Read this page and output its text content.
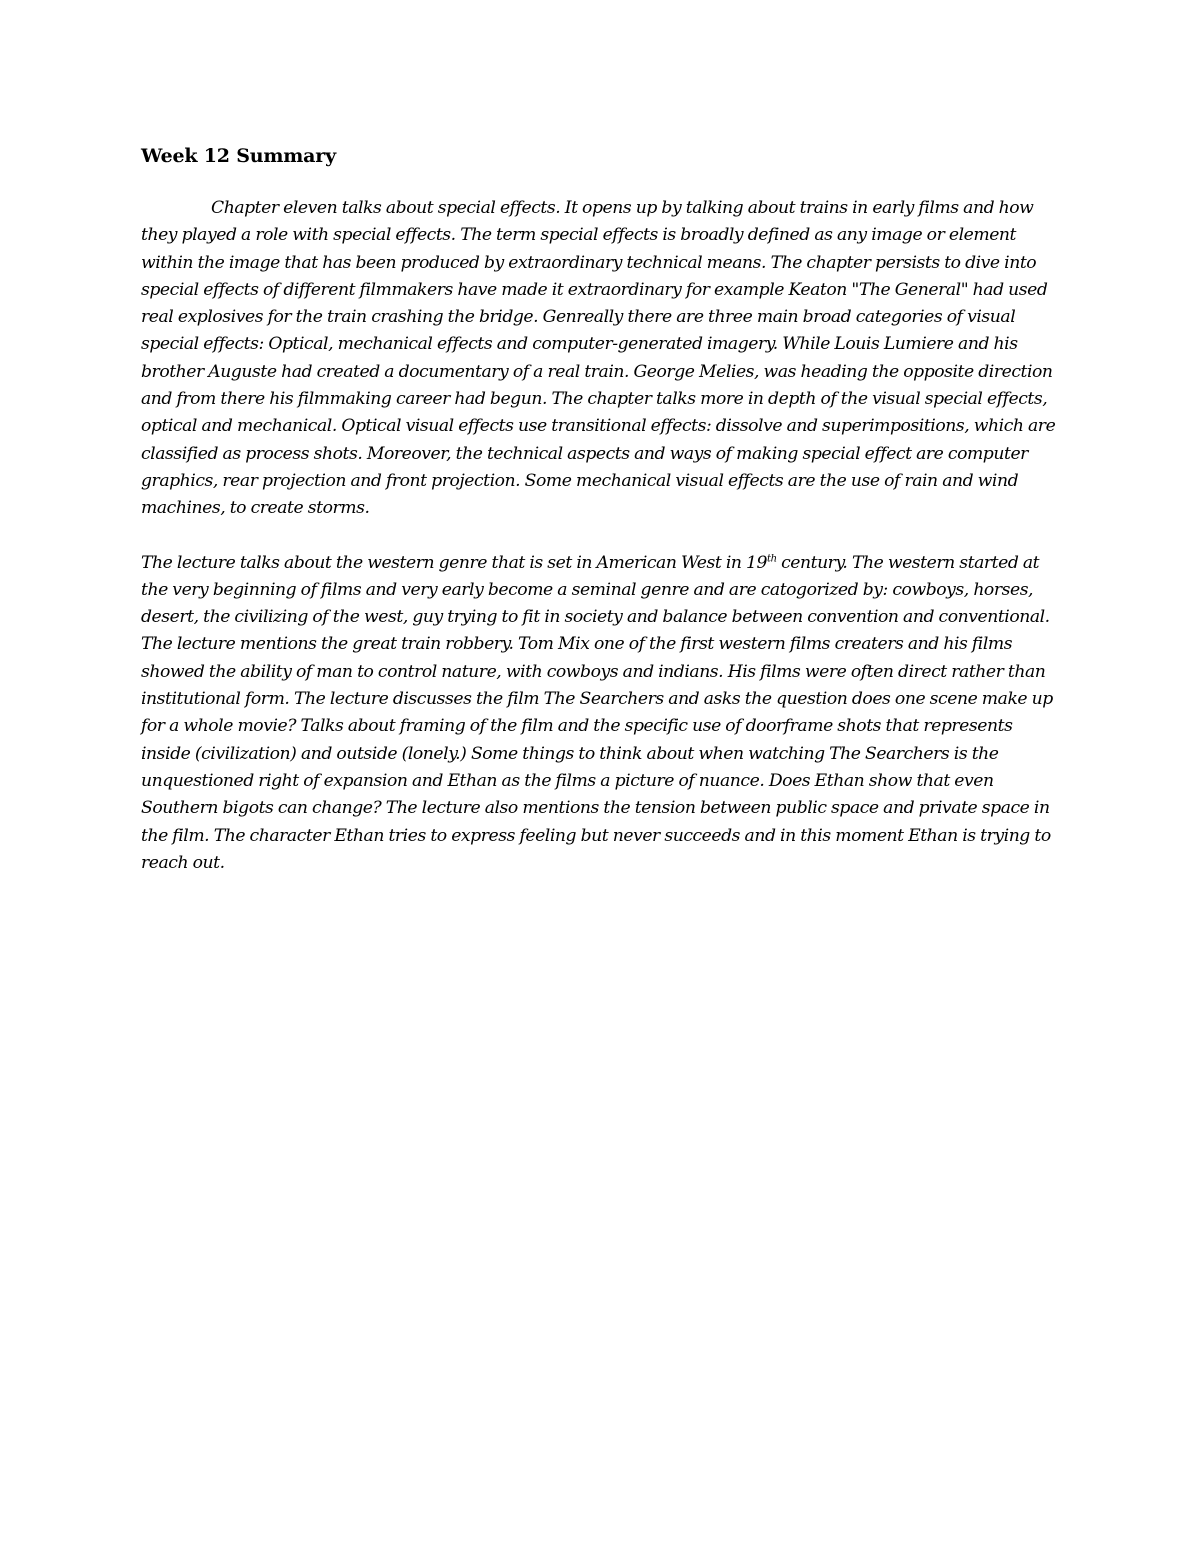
Week 12 Summary

Chapter eleven talks about special effects. It opens up by talking about trains in early films and how they played a role with special effects. The term special effects is broadly defined as any image or element within the image that has been produced by extraordinary technical means. The chapter persists to dive into special effects of different filmmakers have made it extraordinary for example Keaton "The General" had used real explosives for the train crashing the bridge. Genreally there are three main broad categories of visual special effects: Optical, mechanical effects and computer-generated imagery. While Louis Lumiere and his brother Auguste had created a documentary of a real train. George Melies, was heading the opposite direction and from there his filmmaking career had begun. The chapter talks more in depth of the visual special effects, optical and mechanical. Optical visual effects use transitional effects: dissolve and superimpositions, which are classified as process shots. Moreover, the technical aspects and ways of making special effect are computer graphics, rear projection and front projection. Some mechanical visual effects are the use of rain and wind machines, to create storms.

The lecture talks about the western genre that is set in American West in 19th century. The western started at the very beginning of films and very early become a seminal genre and are catogorized by: cowboys, horses, desert, the civilizing of the west, guy trying to fit in society and balance between convention and conventional. The lecture mentions the great train robbery. Tom Mix one of the first western films creaters and his films showed the ability of man to control nature, with cowboys and indians. His films were often direct rather than institutional form. The lecture discusses the film The Searchers and asks the question does one scene make up for a whole movie? Talks about framing of the film and the specific use of doorframe shots that represents inside (civilization) and outside (lonely.) Some things to think about when watching The Searchers is the unquestioned right of expansion and Ethan as the films a picture of nuance. Does Ethan show that even Southern bigots can change? The lecture also mentions the tension between public space and private space in the film. The character Ethan tries to express feeling but never succeeds and in this moment Ethan is trying to reach out.
